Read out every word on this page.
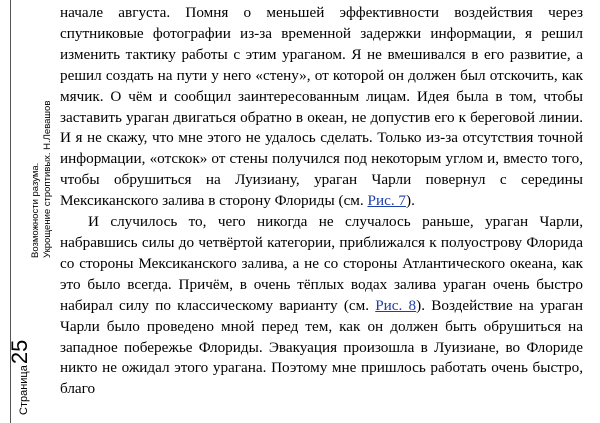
Возможности разума. Укрощение строптивых. Н.Левашов
Страница25

начале августа. Помня о меньшей эффективности воздействия через спутниковые фотографии из-за временной задержки информации, я решил изменить тактику работы с этим ураганом. Я не вмешивался в его развитие, а решил создать на пути у него «стену», от которой он должен был отскочить, как мячик. О чём и сообщил заинтересованным лицам. Идея была в том, чтобы заставить ураган двигаться обратно в океан, не допустив его к береговой линии. И я не скажу, что мне этого не удалось сделать. Только из-за отсутствия точной информации, «отскок» от стены получился под некоторым углом и, вместо того, чтобы обрушиться на Луизиану, ураган Чарли повернул с середины Мексиканского залива в сторону Флориды (см. Рис. 7).

И случилось то, чего никогда не случалось раньше, ураган Чарли, набравшись силы до четвёртой категории, приближался к полуострову Флорида со стороны Мексиканского залива, а не со стороны Атлантического океана, как это было всегда. Причём, в очень тёплых водах залива ураган очень быстро набирал силу по классическому варианту (см. Рис. 8). Воздействие на ураган Чарли было проведено мной перед тем, как он должен быть обрушиться на западное побережье Флориды. Эвакуация произошла в Луизиане, во Флориде никто не ожидал этого урагана. Поэтому мне пришлось работать очень быстро, благо
